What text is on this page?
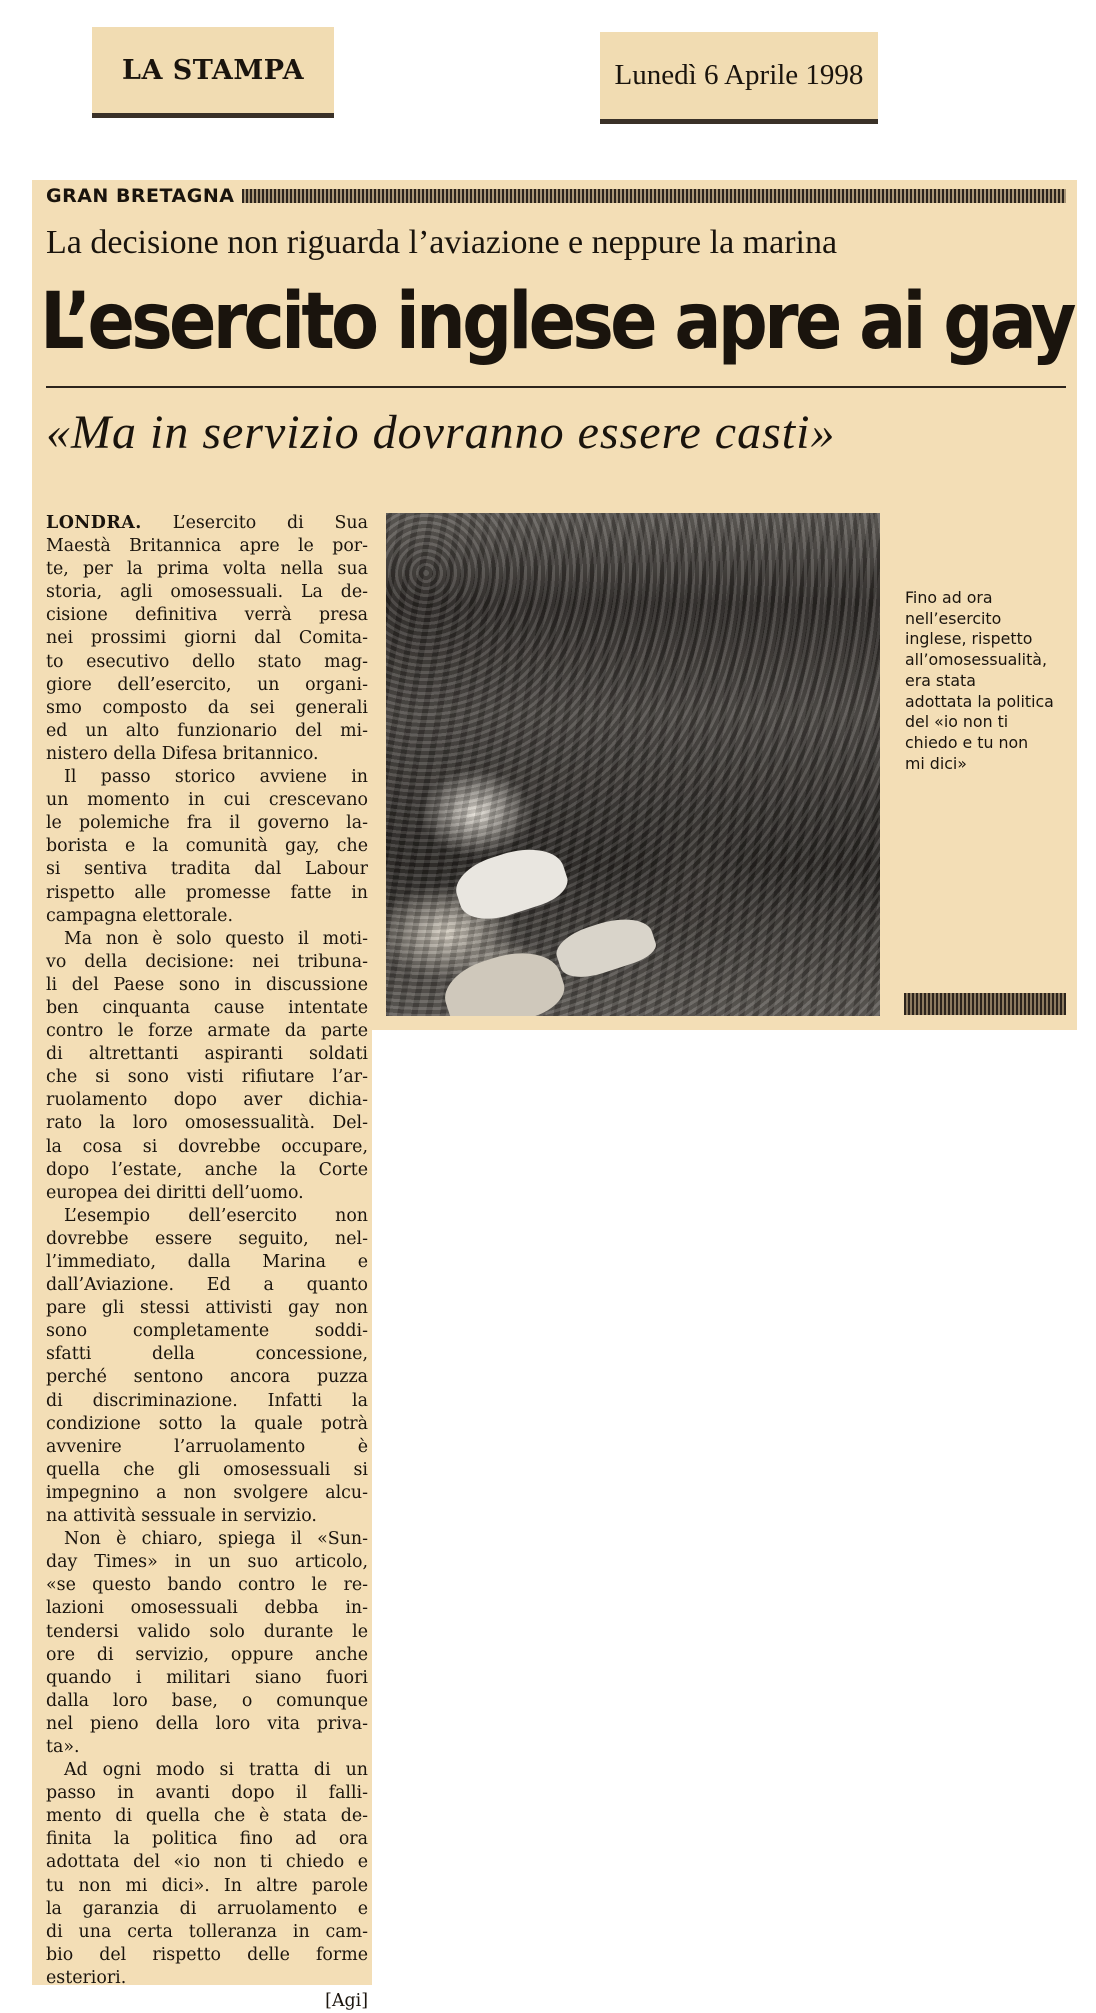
LA STAMPA	Lunedì 6 Aprile 1998
GRAN BRETAGNA
La decisione non riguarda l’aviazione e neppure la marina
L’esercito inglese apre ai gay
«Ma in servizio dovranno essere casti»
LONDRA. L’esercito di Sua
Maestà Britannica apre le por-
te, per la prima volta nella sua
storia, agli omosessuali. La de-
cisione definitiva verrà presa
nei prossimi giorni dal Comita-
to esecutivo dello stato mag-
giore dell’esercito, un organi-
smo composto da sei generali
ed un alto funzionario del mi-
nistero della Difesa britannico.
Il passo storico avviene in
un momento in cui crescevano
le polemiche fra il governo la-
borista e la comunità gay, che
si sentiva tradita dal Labour
rispetto alle promesse fatte in
campagna elettorale.
Ma non è solo questo il moti-
vo della decisione: nei tribuna-
li del Paese sono in discussione
ben cinquanta cause intentate
contro le forze armate da parte
di altrettanti aspiranti soldati
che si sono visti rifiutare l’ar-
ruolamento dopo aver dichia-
rato la loro omosessualità. Del-
la cosa si dovrebbe occupare,
dopo l’estate, anche la Corte
europea dei diritti dell’uomo.
L’esempio dell’esercito non
dovrebbe essere seguito, nel-
l’immediato, dalla Marina e
dall’Aviazione. Ed a quanto
pare gli stessi attivisti gay non
sono completamente soddi-
sfatti della concessione,
perché sentono ancora puzza
di discriminazione. Infatti la
condizione sotto la quale potrà
avvenire l’arruolamento è
quella che gli omosessuali si
impegnino a non svolgere alcu-
na attività sessuale in servizio.
Non è chiaro, spiega il «Sun-
day Times» in un suo articolo,
«se questo bando contro le re-
lazioni omosessuali debba in-
tendersi valido solo durante le
ore di servizio, oppure anche
quando i militari siano fuori
dalla loro base, o comunque
nel pieno della loro vita priva-
ta».
Ad ogni modo si tratta di un
passo in avanti dopo il falli-
mento di quella che è stata de-
finita la politica fino ad ora
adottata del «io non ti chiedo e
tu non mi dici». In altre parole
la garanzia di arruolamento e
di una certa tolleranza in cam-
bio del rispetto delle forme
esteriori.
[Agi]
Fino ad ora
nell’esercito
inglese, rispetto
all’omosessualità,
era stata
adottata la politica
del «io non ti
chiedo e tu non
mi dici»
